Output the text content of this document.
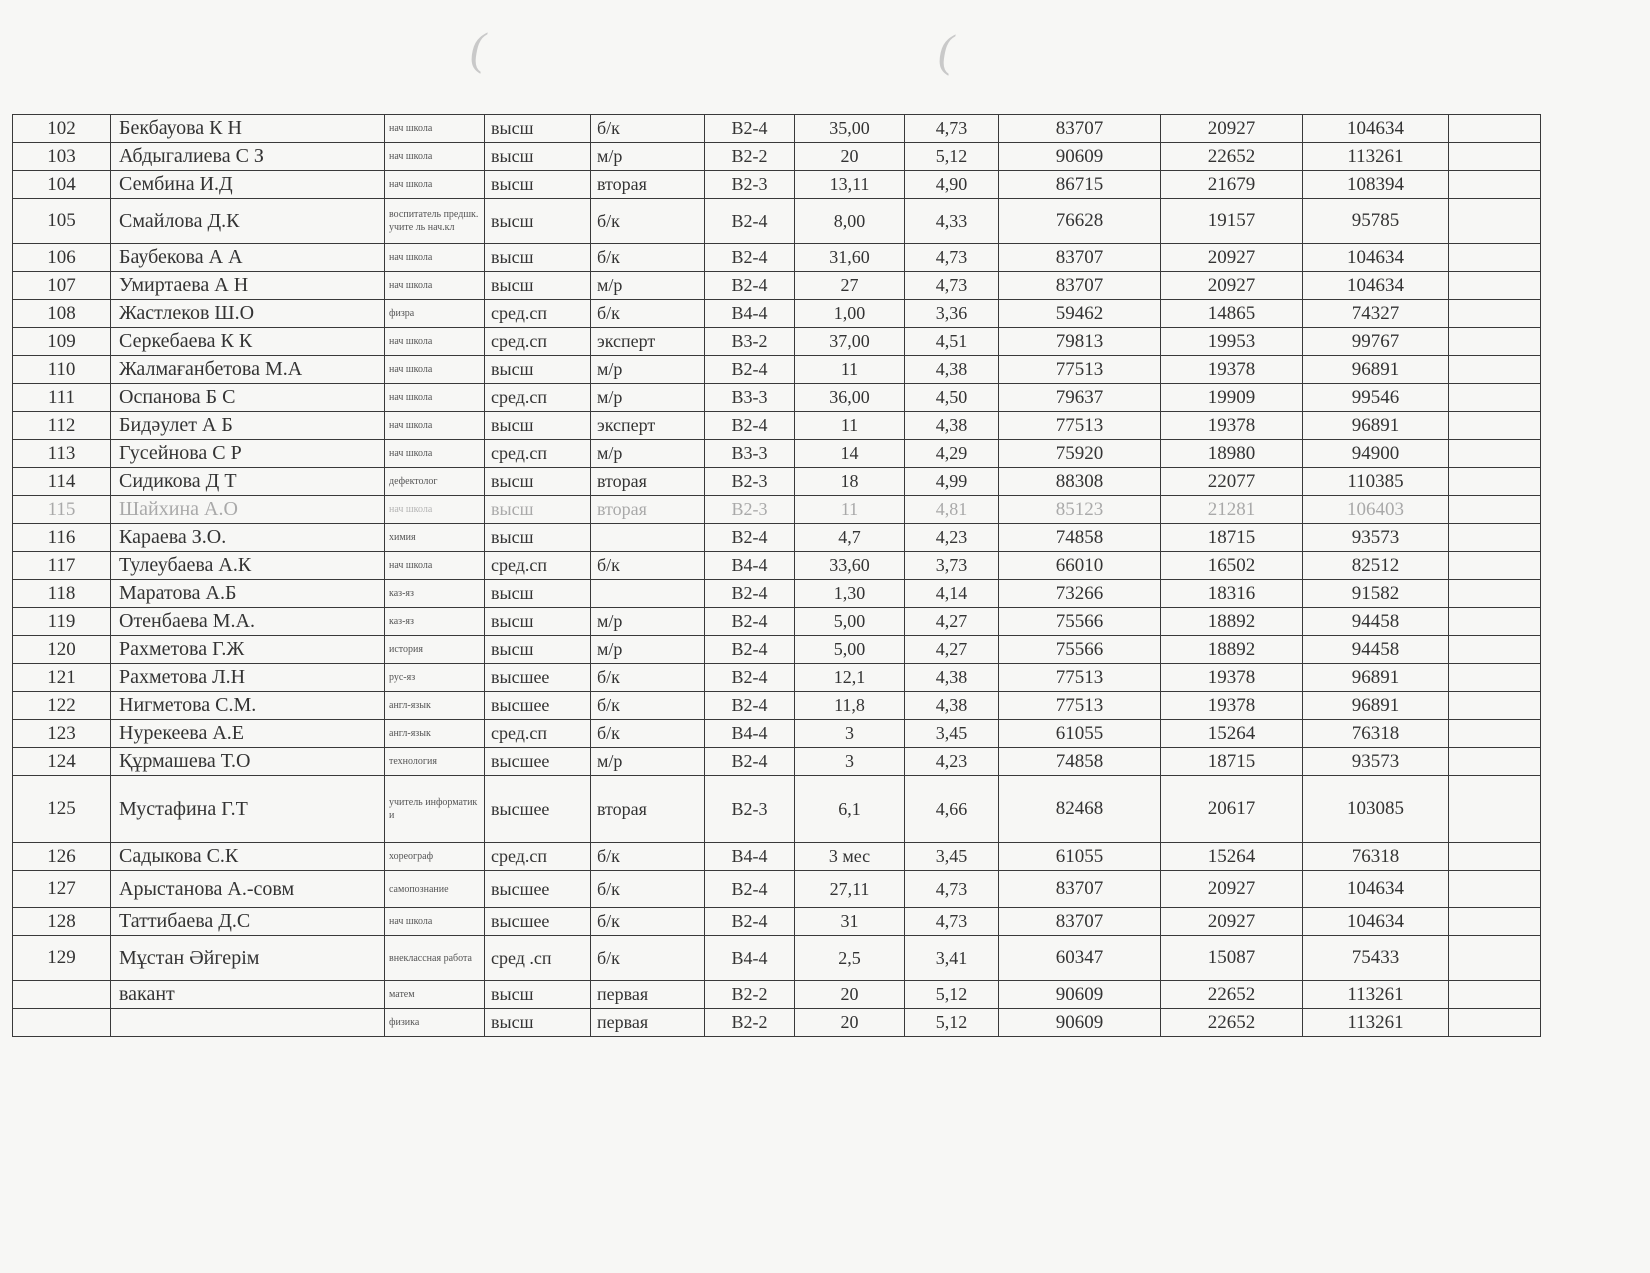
(	(
102	Бекбауова К Н	нач школа	высш	б/к	В2-4	35,00	4,73	83707	20927	104634	
103	Абдыгалиева С З	нач школа	высш	м/р	В2-2	20	5,12	90609	22652	113261	
104	Сембина И.Д	нач школа	высш	вторая	В2-3	13,11	4,90	86715	21679	108394	
105	Смайлова Д.К	воспитатель предшк.учите ль нач.кл	высш	б/к	В2-4	8,00	4,33	76628	19157	95785	
106	Баубекова А А	нач школа	высш	б/к	В2-4	31,60	4,73	83707	20927	104634	
107	Умиртаева А Н	нач школа	высш	м/р	В2-4	27	4,73	83707	20927	104634	
108	Жастлеков Ш.О	физра	сред.сп	б/к	В4-4	1,00	3,36	59462	14865	74327	
109	Серкебаева К К	нач школа	сред.сп	эксперт	В3-2	37,00	4,51	79813	19953	99767	
110	Жалмағанбетова М.А	нач школа	высш	м/р	В2-4	11	4,38	77513	19378	96891	
111	Оспанова Б С	нач школа	сред.сп	м/р	В3-3	36,00	4,50	79637	19909	99546	
112	Бидәулет А Б	нач школа	высш	эксперт	В2-4	11	4,38	77513	19378	96891	
113	Гусейнова С Р	нач школа	сред.сп	м/р	В3-3	14	4,29	75920	18980	94900	
114	Сидикова Д Т	дефектолог	высш	вторая	В2-3	18	4,99	88308	22077	110385	
115	Шайхина А.О	нач школа	высш	вторая	В2-3	11	4,81	85123	21281	106403	
116	Караева З.О.	химия	высш		В2-4	4,7	4,23	74858	18715	93573	
117	Тулеубаева А.К	нач школа	сред.сп	б/к	В4-4	33,60	3,73	66010	16502	82512	
118	Маратова А.Б	каз-яз	высш		В2-4	1,30	4,14	73266	18316	91582	
119	Отенбаева М.А.	каз-яз	высш	м/р	В2-4	5,00	4,27	75566	18892	94458	
120	Рахметова Г.Ж	история	высш	м/р	В2-4	5,00	4,27	75566	18892	94458	
121	Рахметова Л.Н	рус-яз	высшее	б/к	В2-4	12,1	4,38	77513	19378	96891	
122	Нигметова С.М.	англ-язык	высшее	б/к	В2-4	11,8	4,38	77513	19378	96891	
123	Нурекеева А.Е	англ-язык	сред.сп	б/к	В4-4	3	3,45	61055	15264	76318	
124	Құрмашева Т.О	технология	высшее	м/р	В2-4	3	4,23	74858	18715	93573	
125	Мустафина Г.Т	учитель информатики	высшее	вторая	В2-3	6,1	4,66	82468	20617	103085	
126	Садыкова С.К	хореограф	сред.сп	б/к	В4-4	3 мес	3,45	61055	15264	76318	
127	Арыстанова А.-совм	самопознание	высшее	б/к	В2-4	27,11	4,73	83707	20927	104634	
128	Таттибаева Д.С	нач школа	высшее	б/к	В2-4	31	4,73	83707	20927	104634	
129	Мұстан Әйгерім	внеклассная работа	сред .сп	б/к	В4-4	2,5	3,41	60347	15087	75433	
	вакант	матем	высш	первая	В2-2	20	5,12	90609	22652	113261	
		физика	высш	первая	В2-2	20	5,12	90609	22652	113261	
